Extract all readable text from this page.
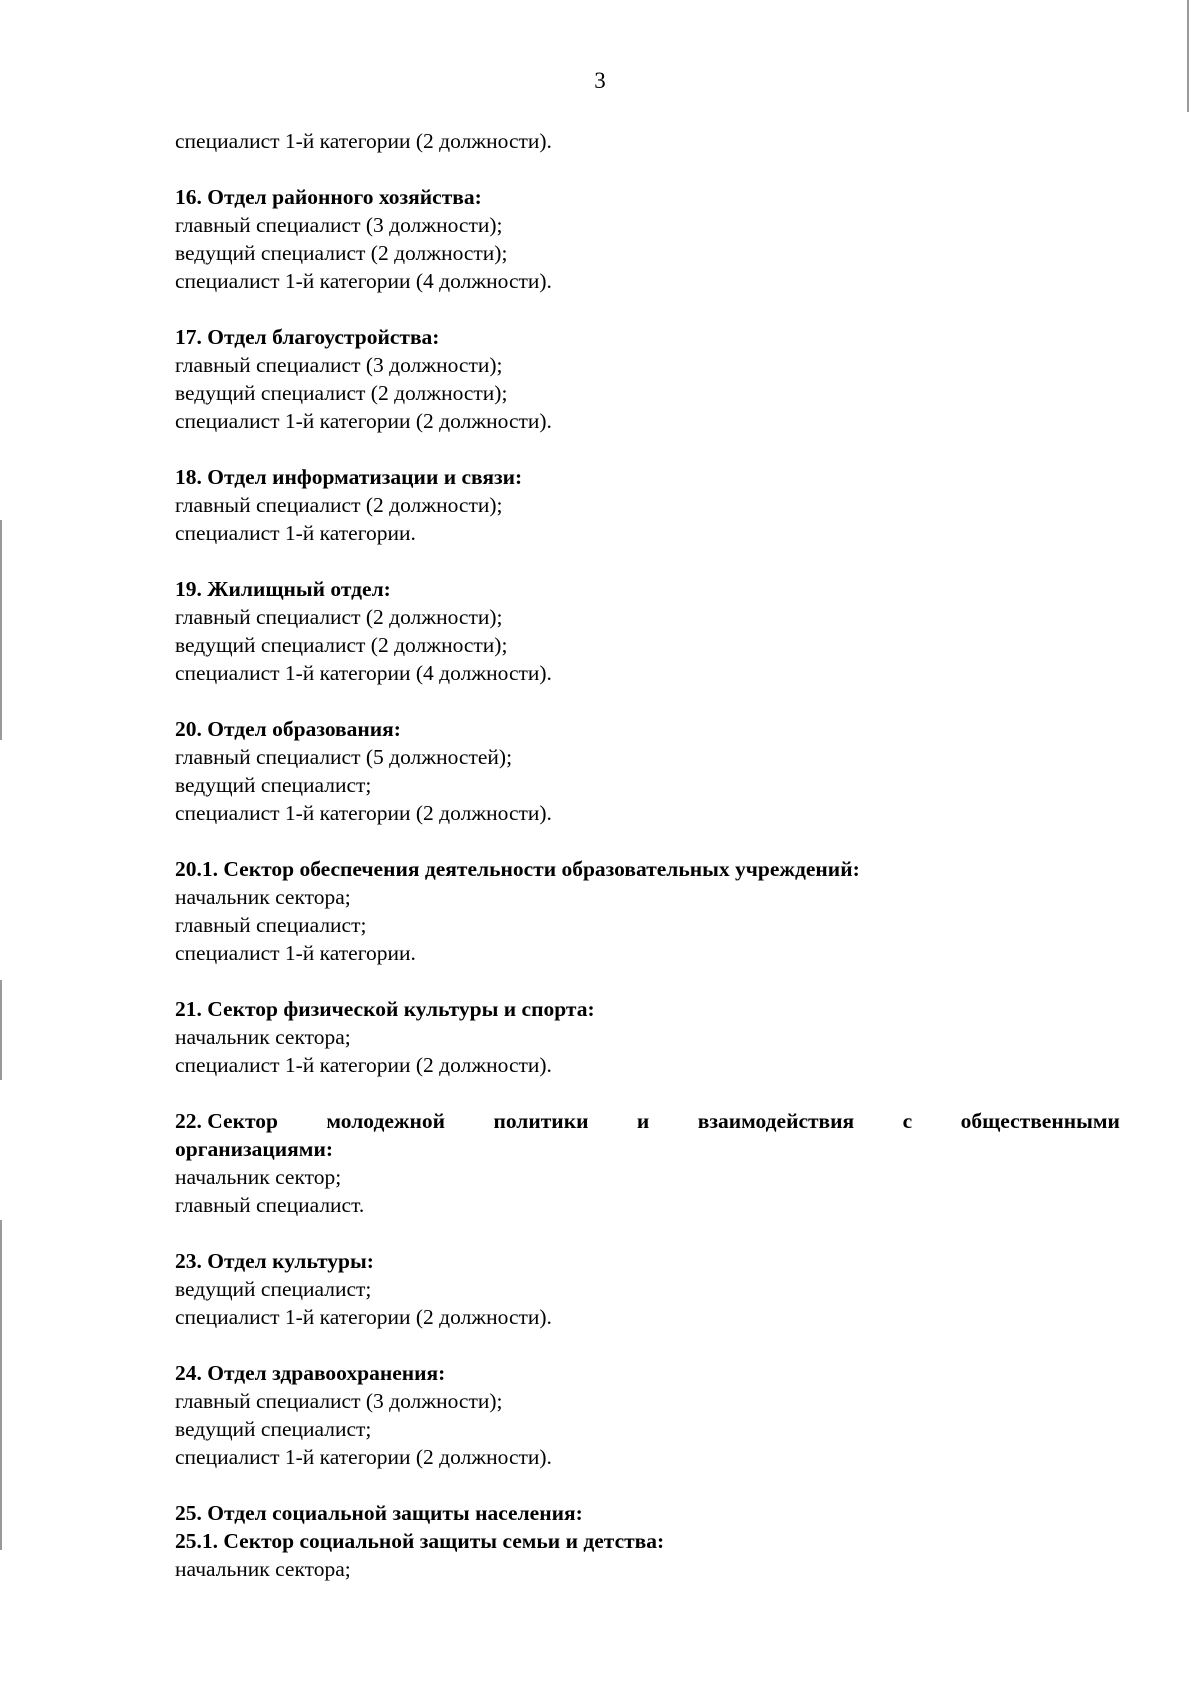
3
специалист 1-й категории (2 должности).
16. Отдел районного хозяйства:
главный специалист (3 должности);
ведущий специалист (2 должности);
специалист 1-й категории (4 должности).
17. Отдел благоустройства:
главный специалист (3 должности);
ведущий специалист (2 должности);
специалист 1-й категории (2 должности).
18. Отдел информатизации и связи:
главный специалист (2 должности);
специалист 1-й категории.
19. Жилищный отдел:
главный специалист (2 должности);
ведущий специалист (2 должности);
специалист 1-й категории (4 должности).
20. Отдел образования:
главный специалист (5 должностей);
ведущий специалист;
специалист 1-й категории (2 должности).
20.1. Сектор обеспечения деятельности образовательных учреждений:
начальник сектора;
главный специалист;
специалист 1-й категории.
21. Сектор физической культуры и спорта:
начальник сектора;
специалист 1-й категории (2 должности).
22. Сектор молодежной политики и взаимодействия с общественными
организациями:
начальник сектор;
главный специалист.
23. Отдел культуры:
ведущий специалист;
специалист 1-й категории (2 должности).
24. Отдел здравоохранения:
главный специалист (3 должности);
ведущий специалист;
специалист 1-й категории (2 должности).
25. Отдел социальной защиты населения:
25.1. Сектор социальной защиты семьи и детства:
начальник сектора;
